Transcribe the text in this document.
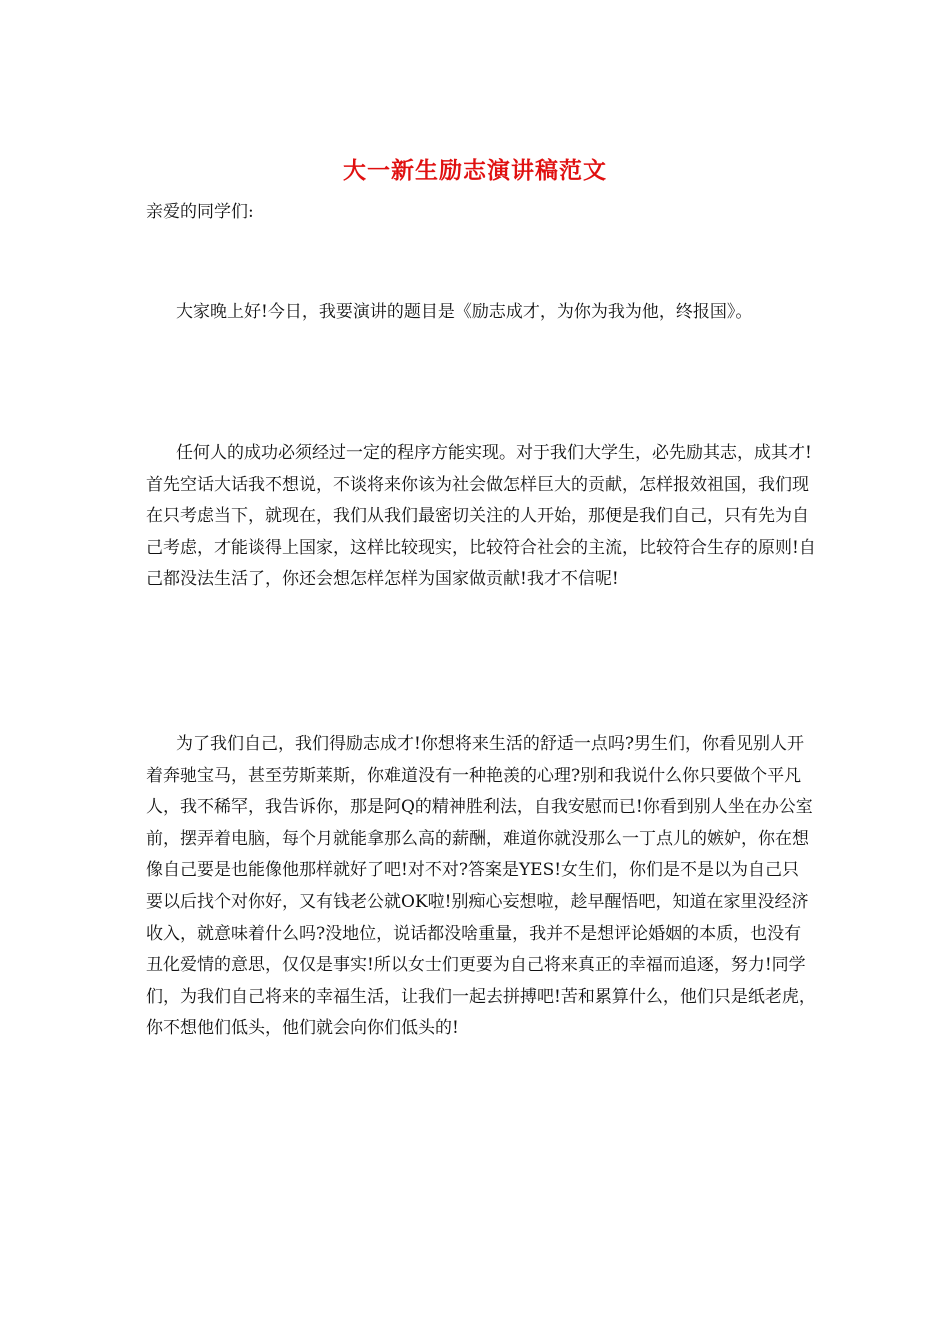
大一新生励志演讲稿范文
亲爱的同学们:

大家晚上好!今日，我要演讲的题目是《励志成才，为你为我为他，终报国》。

任何人的成功必须经过一定的程序方能实现。对于我们大学生，必先励其志，成其才!首先空话大话我不想说，不谈将来你该为社会做怎样巨大的贡献，怎样报效祖国，我们现在只考虑当下，就现在，我们从我们最密切关注的人开始，那便是我们自己，只有先为自己考虑，才能谈得上国家，这样比较现实，比较符合社会的主流，比较符合生存的原则!自己都没法生活了，你还会想怎样怎样为国家做贡献!我才不信呢!

为了我们自己，我们得励志成才!你想将来生活的舒适一点吗?男生们，你看见别人开着奔驰宝马，甚至劳斯莱斯，你难道没有一种艳羡的心理?别和我说什么你只要做个平凡人，我不稀罕，我告诉你，那是阿Q的精神胜利法，自我安慰而已!你看到别人坐在办公室前，摆弄着电脑，每个月就能拿那么高的薪酬，难道你就没那么一丁点儿的嫉妒，你在想像自己要是也能像他那样就好了吧!对不对?答案是YES!女生们，你们是不是以为自己只要以后找个对你好，又有钱老公就OK啦!别痴心妄想啦，趁早醒悟吧，知道在家里没经济收入，就意味着什么吗?没地位，说话都没啥重量，我并不是想评论婚姻的本质，也没有丑化爱情的意思，仅仅是事实!所以女士们更要为自己将来真正的幸福而追逐，努力!同学们，为我们自己将来的幸福生活，让我们一起去拼搏吧!苦和累算什么，他们只是纸老虎，你不想他们低头，他们就会向你们低头的!
